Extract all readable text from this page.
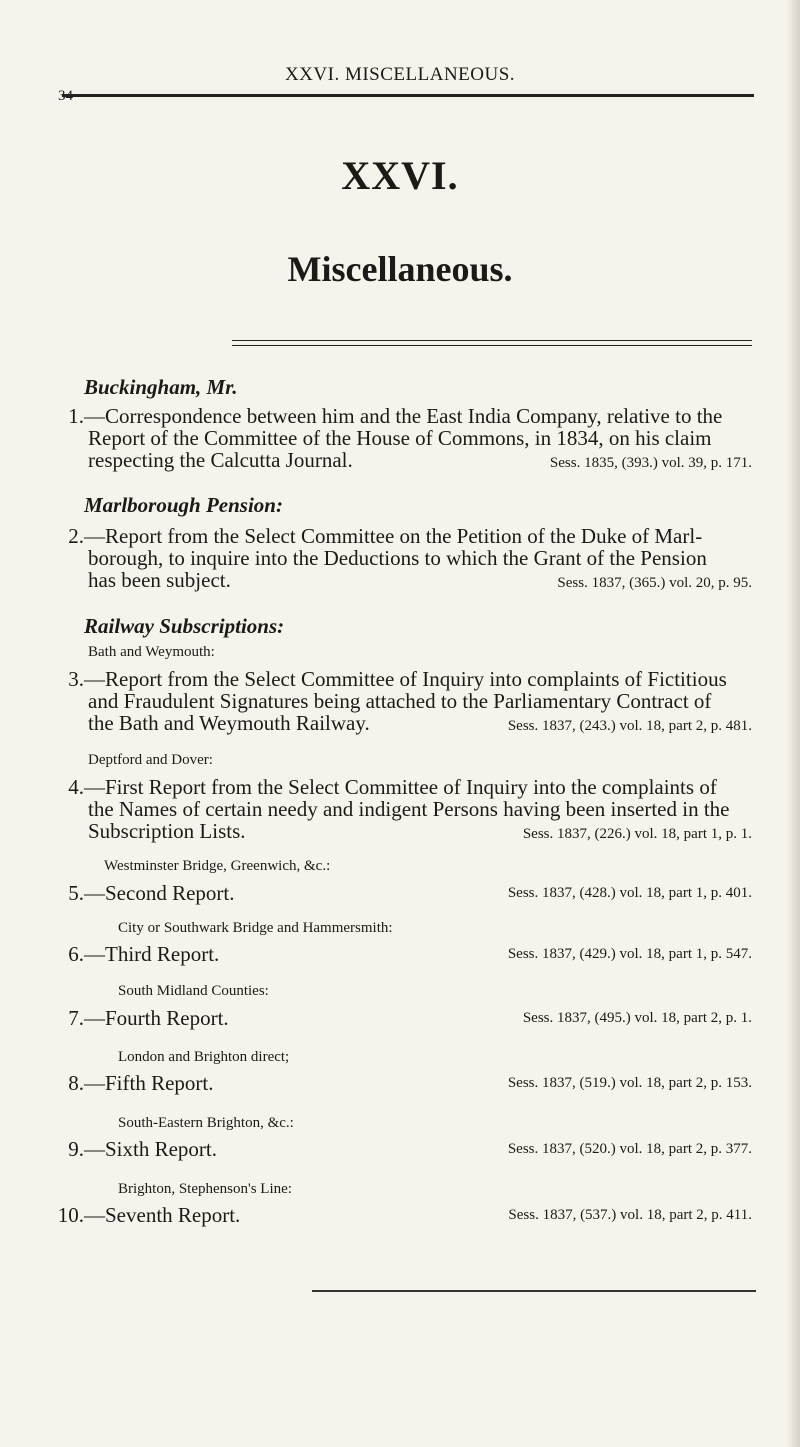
34
XXVI. MISCELLANEOUS.
XXVI.
Miscellaneous.
Buckingham, Mr.

1.—Correspondence between him and the East India Company, relative to the

Report of the Committee of the House of Commons, in 1834, on his claim

respecting the Calcutta Journal.	Sess. 1835, (393.) vol. 39, p. 171.

Marlborough Pension:

2.—Report from the Select Committee on the Petition of the Duke of Marl-

borough, to inquire into the Deductions to which the Grant of the Pension

has been subject.	Sess. 1837, (365.) vol. 20, p. 95.

Railway Subscriptions:
Bath and Weymouth:

3.—Report from the Select Committee of Inquiry into complaints of Fictitious

and Fraudulent Signatures being attached to the Parliamentary Contract of

the Bath and Weymouth Railway.	Sess. 1837, (243.) vol. 18, part 2, p. 481.

Deptford and Dover:

4.—First Report from the Select Committee of Inquiry into the complaints of

the Names of certain needy and indigent Persons having been inserted in the

Subscription Lists.	Sess. 1837, (226.) vol. 18, part 1, p. 1.

Westminster Bridge, Greenwich, &c.:
5.—Second Report.	Sess. 1837, (428.) vol. 18, part 1, p. 401.
City or Southwark Bridge and Hammersmith:
6.—Third Report.	Sess. 1837, (429.) vol. 18, part 1, p. 547.
South Midland Counties:
7.—Fourth Report.	Sess. 1837, (495.) vol. 18, part 2, p. 1.
London and Brighton direct;
8.—Fifth Report.	Sess. 1837, (519.) vol. 18, part 2, p. 153.
South-Eastern Brighton, &c.:
9.—Sixth Report.	Sess. 1837, (520.) vol. 18, part 2, p. 377.
Brighton, Stephenson's Line:
10.—Seventh Report.	Sess. 1837, (537.) vol. 18, part 2, p. 411.
